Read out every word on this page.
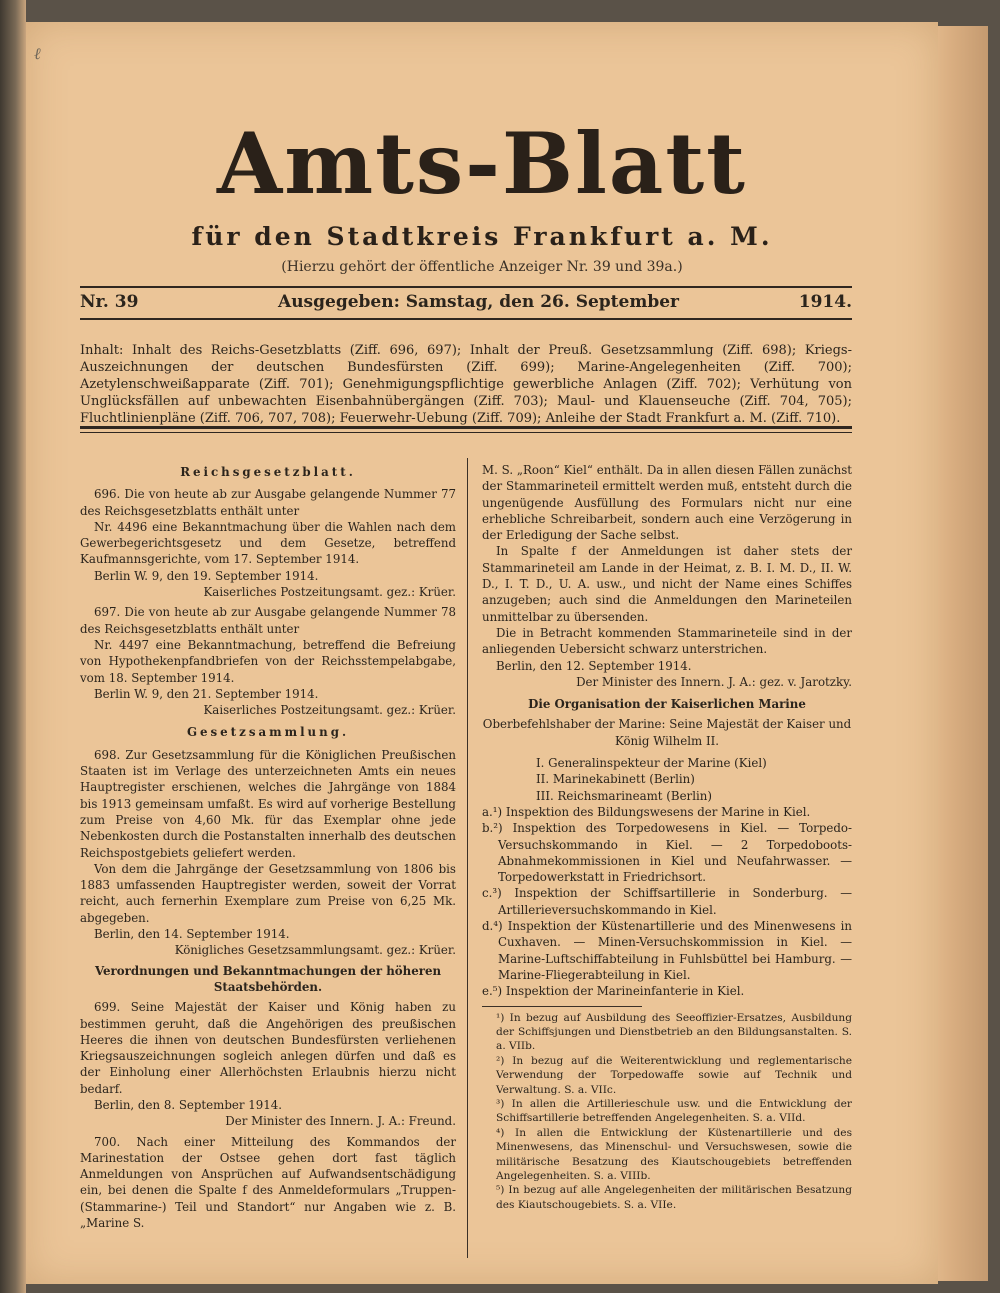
ℓ
Amts-Blatt
für den Stadtkreis Frankfurt a. M.
(Hierzu gehört der öffentliche Anzeiger Nr. 39 und 39a.)
Nr. 39	Ausgegeben: Samstag, den 26. September	1914.
Inhalt: Inhalt des Reichs-Gesetzblatts (Ziff. 696, 697); Inhalt der Preuß. Gesetzsammlung (Ziff. 698); Kriegs-Auszeichnungen der deutschen Bundesfürsten (Ziff. 699); Marine-Angelegenheiten (Ziff. 700); Azetylenschweißapparate (Ziff. 701); Genehmigungspflichtige gewerbliche Anlagen (Ziff. 702); Verhütung von Unglücksfällen auf unbewachten Eisenbahnübergängen (Ziff. 703); Maul- und Klauenseuche (Ziff. 704, 705); Fluchtlinienpläne (Ziff. 706, 707, 708); Feuerwehr-Uebung (Ziff. 709); Anleihe der Stadt Frankfurt a. M. (Ziff. 710).
Reichsgesetzblatt.

696. Die von heute ab zur Ausgabe gelangende Nummer 77 des Reichsgesetzblatts enthält unter

Nr. 4496 eine Bekanntmachung über die Wahlen nach dem Gewerbegerichtsgesetz und dem Gesetze, betreffend Kaufmannsgerichte, vom 17. September 1914.

Berlin W. 9, den 19. September 1914.

Kaiserliches Postzeitungsamt. gez.: Krüer.

697. Die von heute ab zur Ausgabe gelangende Nummer 78 des Reichsgesetzblatts enthält unter

Nr. 4497 eine Bekanntmachung, betreffend die Befreiung von Hypothekenpfandbriefen von der Reichsstempelabgabe, vom 18. September 1914.

Berlin W. 9, den 21. September 1914.

Kaiserliches Postzeitungsamt. gez.: Krüer.

Gesetzsammlung.

698. Zur Gesetzsammlung für die Königlichen Preußischen Staaten ist im Verlage des unterzeichneten Amts ein neues Hauptregister erschienen, welches die Jahrgänge von 1884 bis 1913 gemeinsam umfaßt. Es wird auf vorherige Bestellung zum Preise von 4,60 Mk. für das Exemplar ohne jede Nebenkosten durch die Postanstalten innerhalb des deutschen Reichspostgebiets geliefert werden.

Von dem die Jahrgänge der Gesetzsammlung von 1806 bis 1883 umfassenden Hauptregister werden, soweit der Vorrat reicht, auch fernerhin Exemplare zum Preise von 6,25 Mk. abgegeben.

Berlin, den 14. September 1914.

Königliches Gesetzsammlungsamt. gez.: Krüer.

Verordnungen und Bekanntmachungen der höheren Staatsbehörden.

699. Seine Majestät der Kaiser und König haben zu bestimmen geruht, daß die Angehörigen des preußischen Heeres die ihnen von deutschen Bundesfürsten verliehenen Kriegsauszeichnungen sogleich anlegen dürfen und daß es der Einholung einer Allerhöchsten Erlaubnis hierzu nicht bedarf.

Berlin, den 8. September 1914.

Der Minister des Innern. J. A.: Freund.

700. Nach einer Mitteilung des Kommandos der Marinestation der Ostsee gehen dort fast täglich Anmeldungen von Ansprüchen auf Aufwandsentschädigung ein, bei denen die Spalte f des Anmeldeformulars „Truppen- (Stammarine-) Teil und Standort“ nur Angaben wie z. B. „Marine S.

M. S. „Roon“ Kiel“ enthält. Da in allen diesen Fällen zunächst der Stammarineteil ermittelt werden muß, entsteht durch die ungenügende Ausfüllung des Formulars nicht nur eine erhebliche Schreibarbeit, sondern auch eine Verzögerung in der Erledigung der Sache selbst.

In Spalte f der Anmeldungen ist daher stets der Stammarineteil am Lande in der Heimat, z. B. I. M. D., II. W. D., I. T. D., U. A. usw., und nicht der Name eines Schiffes anzugeben; auch sind die Anmeldungen den Marineteilen unmittelbar zu übersenden.

Die in Betracht kommenden Stammarineteile sind in der anliegenden Uebersicht schwarz unterstrichen.

Berlin, den 12. September 1914.

Der Minister des Innern. J. A.: gez. v. Jarotzky.

Die Organisation der Kaiserlichen Marine

Oberbefehlshaber der Marine: Seine Majestät der Kaiser und König Wilhelm II.

I. Generalinspekteur der Marine (Kiel)

II. Marinekabinett (Berlin)

III. Reichsmarineamt (Berlin)

a.¹) Inspektion des Bildungswesens der Marine in Kiel.

b.²) Inspektion des Torpedowesens in Kiel. — Torpedo-Versuchskommando in Kiel. — 2 Torpedoboots-Abnahmekommissionen in Kiel und Neufahrwasser. — Torpedowerkstatt in Friedrichsort.

c.³) Inspektion der Schiffsartillerie in Sonderburg. — Artillerieversuchskommando in Kiel.

d.⁴) Inspektion der Küstenartillerie und des Minenwesens in Cuxhaven. — Minen-Versuchskommission in Kiel. — Marine-Luftschiffabteilung in Fuhlsbüttel bei Hamburg. — Marine-Fliegerabteilung in Kiel.

e.⁵) Inspektion der Marineinfanterie in Kiel.

¹) In bezug auf Ausbildung des Seeoffizier-Ersatzes, Ausbildung der Schiffsjungen und Dienstbetrieb an den Bildungsanstalten. S. a. VIIb.

²) In bezug auf die Weiterentwicklung und reglementarische Verwendung der Torpedowaffe sowie auf Technik und Verwaltung. S. a. VIIc.

³) In allen die Artillerieschule usw. und die Entwicklung der Schiffsartillerie betreffenden Angelegenheiten. S. a. VIId.

⁴) In allen die Entwicklung der Küstenartillerie und des Minenwesens, das Minenschul- und Versuchswesen, sowie die militärische Besatzung des Kiautschougebiets betreffenden Angelegenheiten. S. a. VIIIb.

⁵) In bezug auf alle Angelegenheiten der militärischen Besatzung des Kiautschougebiets. S. a. VIIe.
